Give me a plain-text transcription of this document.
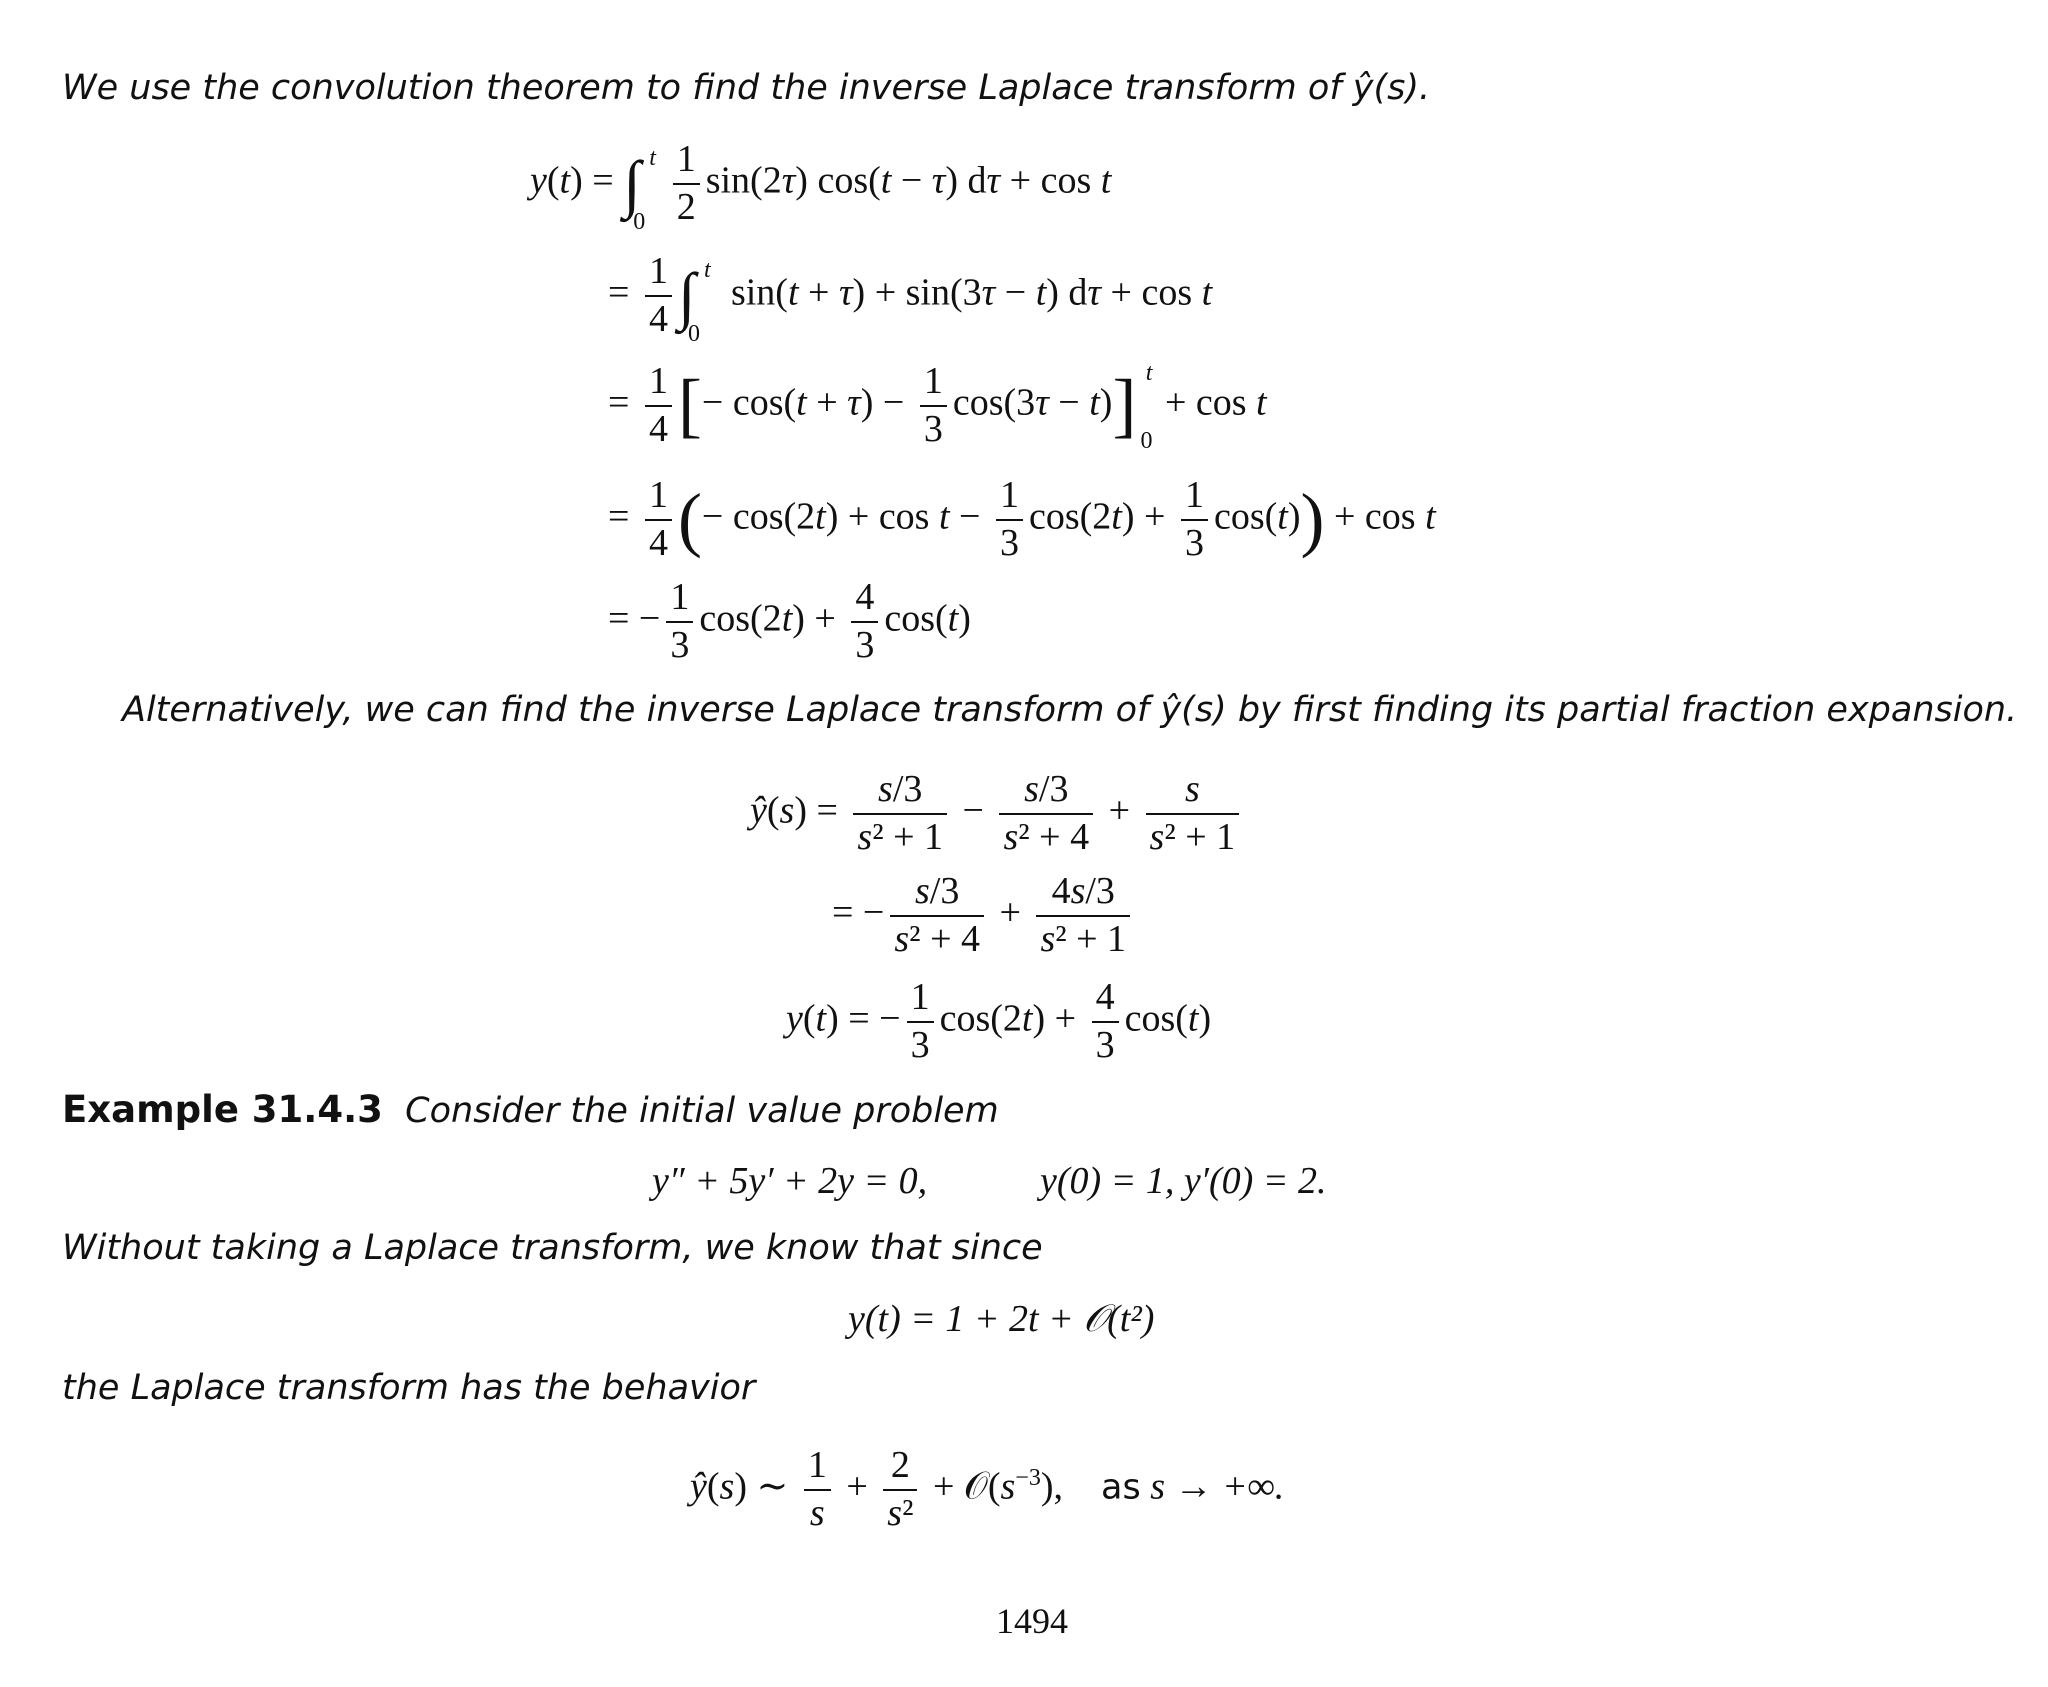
We use the convolution theorem to find the inverse Laplace transform of ŷ(s).
y(t) = ∫ t
0
$\frac{1}{2} \sin(2\tau) \cos(t - \tau) d\tau + \cos t$
= $\frac{1}{4}$ ∫ t
0
sin(t + τ) + sin(3τ − t) dτ + cos t
= $\frac{1}{4}$ [− $\cos(t + \tau) - \frac{1}{3} \cos(3\tau - t)$] t
0
+ cos t
= $\frac{1}{4}$ (− $\cos(2t) + \cos t - \frac{1}{3} \cos(2t) + \frac{1}{3} \cos(t)) + \cos t$
= − $\frac{1}{3} \cos(2t) + \frac{4}{3} \cos(t)$
Alternatively, we can find the inverse Laplace transform of ŷ(s) by first finding its partial fraction expansion.
ŷ(s) = $\frac{s/3}{\text{s² + 1}} - \frac{s/3}{\text{s² + 4}} + \frac{s}{\text{s² + 1}}$
= − $\frac{s/3}{\text{s² + 4}} + \frac{4s/3}{\text{s² + 1}}$
y(t) = − $\frac{1}{3} \cos(2t) + \frac{4}{3} \cos(t)$
Example 31.4.3 Consider the initial value problem
y″ + 5y′ + 2y = 0,	y(0) = 1, y′(0) = 2.
Without taking a Laplace transform, we know that since
y(t) = 1 + 2t + 𝒪(t²)
the Laplace transform has the behavior
ŷ(s) ∼ $\frac{1}{s} + \frac{2}{\text{s²}}$ + $𝒪(s^{-3})$,    as s → +∞.
1494
